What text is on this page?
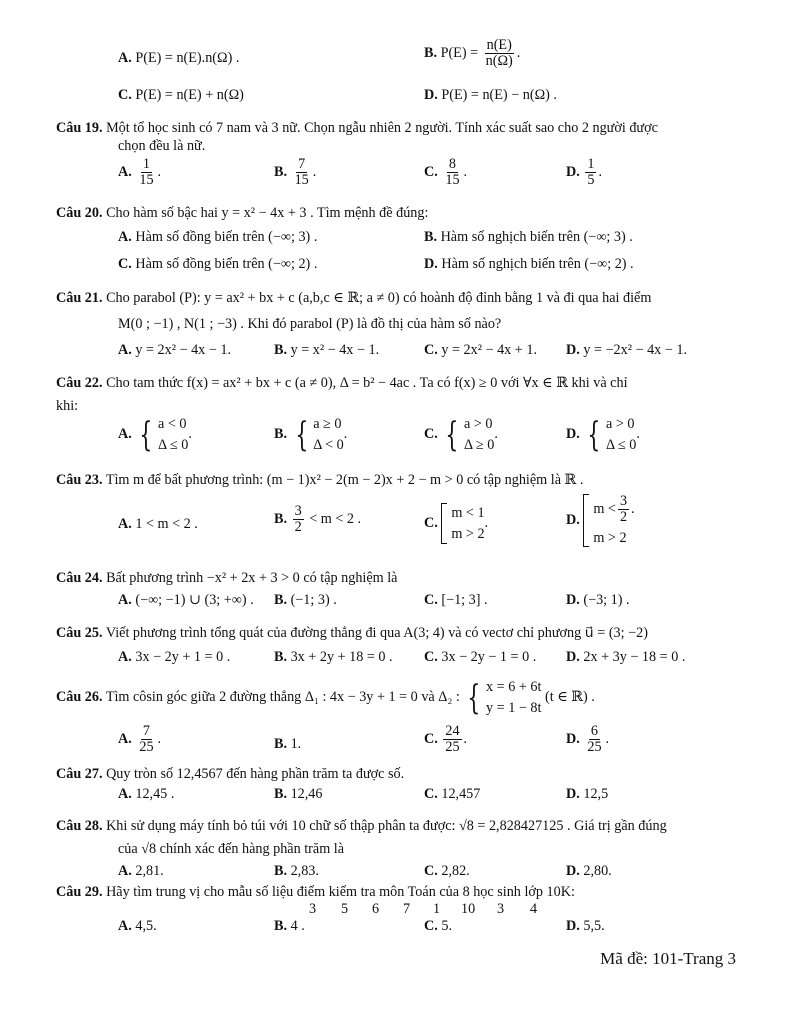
A. P(E) = n(E).n(Ω) .	B. $P(E) = \frac{n(E)}{n(\Omega)}$ .
C. P(E) = n(E) + n(Ω)	D. P(E) = n(E) − n(Ω) .
Câu 19. Một tổ học sinh có 7 nam và 3 nữ. Chọn ngẫu nhiên 2 người. Tính xác suất sao cho 2 người được
chọn đều là nữ.
A. $\frac{1}{15}$ .	B. $\frac{7}{15}$ .	C. $\frac{8}{15}$ .	D. $\frac{1}{5}$ .
Câu 20. Cho hàm số bậc hai y = x² − 4x + 3 . Tìm mệnh đề đúng:
A. Hàm số đồng biến trên (−∞; 3) .	B. Hàm số nghịch biến trên (−∞; 3) .
C. Hàm số đồng biến trên (−∞; 2) .	D. Hàm số nghịch biến trên (−∞; 2) .
Câu 21. Cho parabol (P): y = ax² + bx + c (a,b,c ∈ ℝ; a ≠ 0) có hoành độ đỉnh bằng 1 và đi qua hai điểm
M(0 ; −1) , N(1 ; −3) . Khi đó parabol (P) là đồ thị của hàm số nào?
A. y = 2x² − 4x − 1.	B. y = x² − 4x − 1.	C. y = 2x² − 4x + 1. D. y = −2x² − 4x − 1.
Câu 22. Cho tam thức f(x) = ax² + bx + c (a ≠ 0), Δ = b² − 4ac . Ta có f(x) ≥ 0 với ∀x ∈ ℝ khi và chỉ
khi:
A. { a < 0
Δ ≤ 0
.	B. { a ≥ 0
Δ < 0
.	C. { a > 0
Δ ≥ 0
.	D. { a > 0
Δ ≤ 0
.
Câu 23. Tìm m để bất phương trình: (m − 1)x² − 2(m − 2)x + 2 − m > 0 có tập nghiệm là ℝ .
A. 1 < m < 2 .	B. $\frac{3}{2} < m < 2$ .	C.
m < 1
m > 2
.	D.
$m < \frac{3}{2}$ .
m > 2
Câu 24. Bất phương trình −x² + 2x + 3 > 0 có tập nghiệm là
A. (−∞; −1) ∪ (3; +∞) . B. (−1; 3) .	C. [−1; 3] .	D. (−3; 1) .
Câu 25. Viết phương trình tổng quát của đường thẳng đi qua A(3; 4) và có vectơ chỉ phương u⃗ = (3; −2)
A. 3x − 2y + 1 = 0 .	B. 3x + 2y + 18 = 0 . C. 3x − 2y − 1 = 0 . D. 2x + 3y − 18 = 0 .
Câu 26. Tìm côsin góc giữa 2 đường thẳng Δ₁ : 4x − 3y + 1 = 0 và Δ₂ : { x = 6 + 6t
y = 1 − 8t
(t ∈ ℝ) .
A. $\frac{7}{25}$ .	B. 1.	C. $\frac{24}{25}$ .	D. $\frac{6}{25}$ .
Câu 27. Quy tròn số 12,4567 đến hàng phần trăm ta được số.
A. 12,45 .	B. 12,46	C. 12,457	D. 12,5
Câu 28. Khi sử dụng máy tính bỏ túi với 10 chữ số thập phân ta được: √8 = 2,828427125 . Giá trị gần đúng
của √8 chính xác đến hàng phần trăm là
A. 2,81.	B. 2,83.	C. 2,82.	D. 2,80.
Câu 29. Hãy tìm trung vị cho mẫu số liệu điểm kiểm tra môn Toán của 8 học sinh lớp 10K:
3 5 6 7 1 10 3 4
A. 4,5.	B. 4 .	C. 5.	D. 5,5.
Mã đề: 101-Trang 3
